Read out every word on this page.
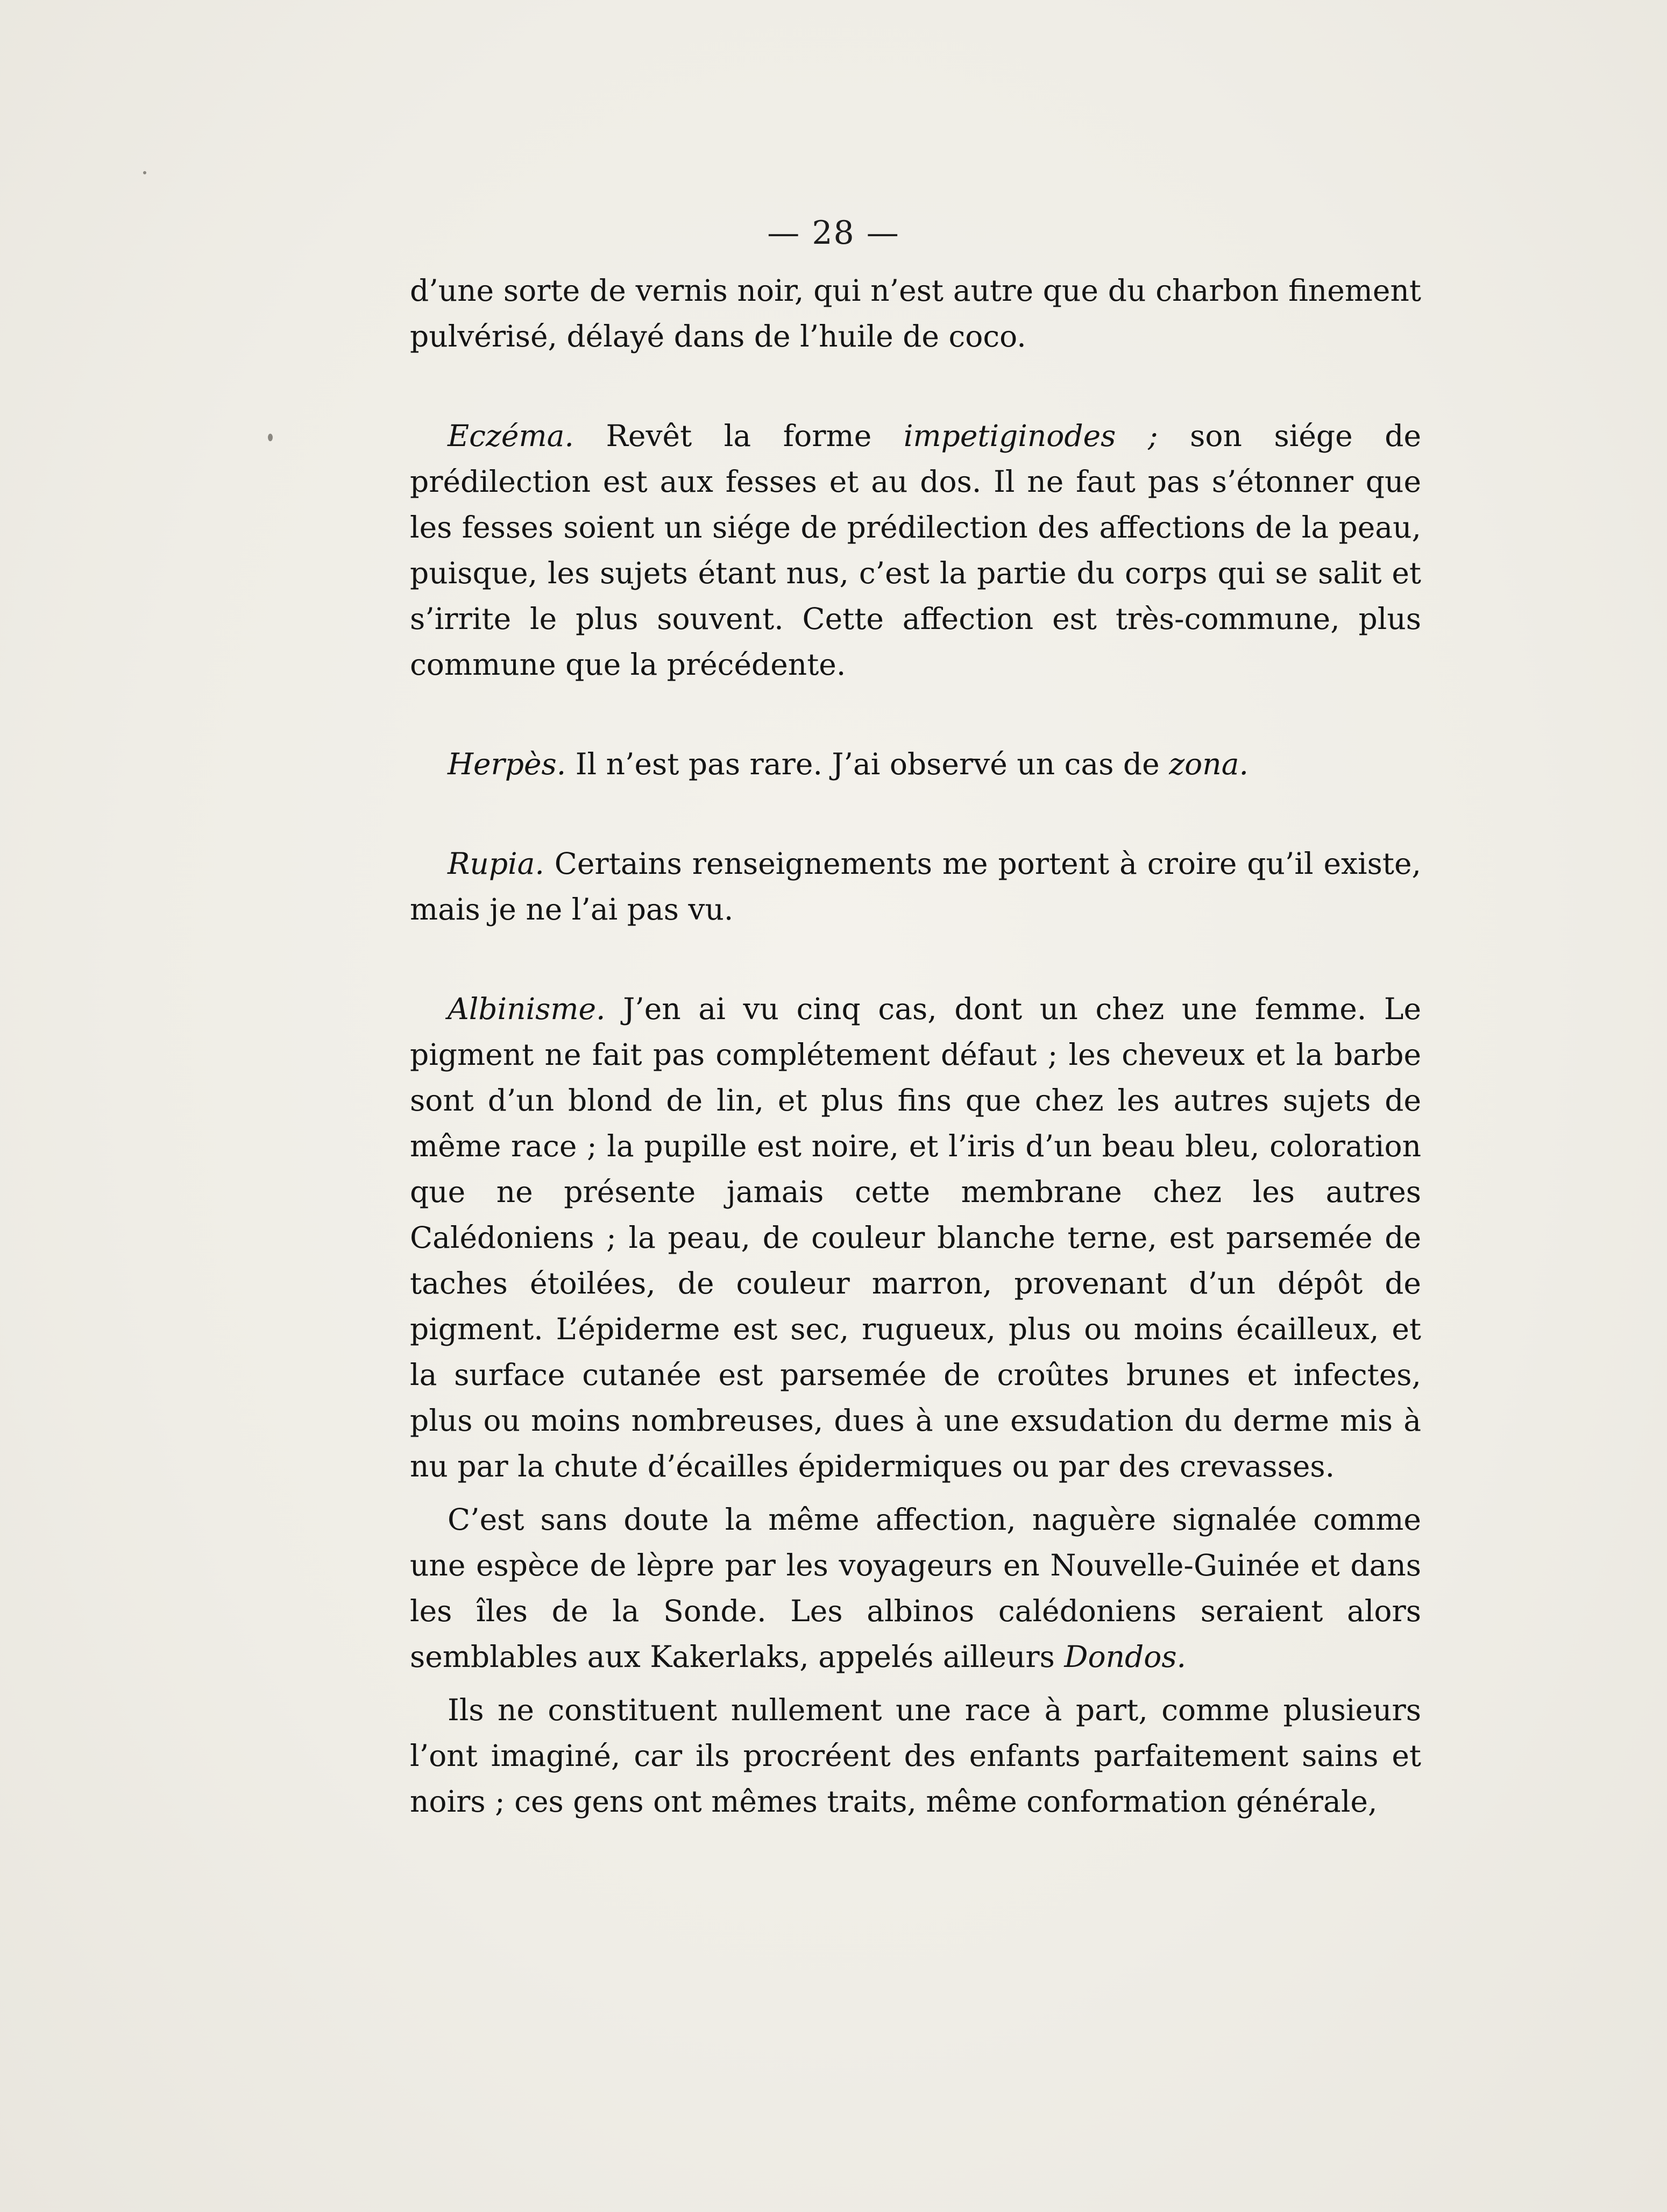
— 28 —

d’une sorte de vernis noir, qui n’est autre que du charbon finement pulvérisé, délayé dans de l’huile de coco.

Eczéma. Revêt la forme impetiginodes ; son siége de prédilection est aux fesses et au dos. Il ne faut pas s’étonner que les fesses soient un siége de prédilection des affections de la peau, puisque, les sujets étant nus, c’est la partie du corps qui se salit et s’irrite le plus souvent. Cette affection est très-commune, plus commune que la précédente.

Herpès. Il n’est pas rare. J’ai observé un cas de zona.

Rupia. Certains renseignements me portent à croire qu’il existe, mais je ne l’ai pas vu.

Albinisme. J’en ai vu cinq cas, dont un chez une femme. Le pigment ne fait pas complétement défaut ; les cheveux et la barbe sont d’un blond de lin, et plus fins que chez les autres sujets de même race ; la pupille est noire, et l’iris d’un beau bleu, coloration que ne présente jamais cette membrane chez les autres Calédoniens ; la peau, de couleur blanche terne, est parsemée de taches étoilées, de couleur marron, provenant d’un dépôt de pigment. L’épiderme est sec, rugueux, plus ou moins écailleux, et la surface cutanée est parsemée de croûtes brunes et infectes, plus ou moins nombreuses, dues à une exsudation du derme mis à nu par la chute d’écailles épidermiques ou par des crevasses.

C’est sans doute la même affection, naguère signalée comme une espèce de lèpre par les voyageurs en Nouvelle-Guinée et dans les îles de la Sonde. Les albinos calédoniens seraient alors semblables aux Kakerlaks, appelés ailleurs Dondos.

Ils ne constituent nullement une race à part, comme plusieurs l’ont imaginé, car ils procréent des enfants parfaitement sains et noirs ; ces gens ont mêmes traits, même conformation générale,
